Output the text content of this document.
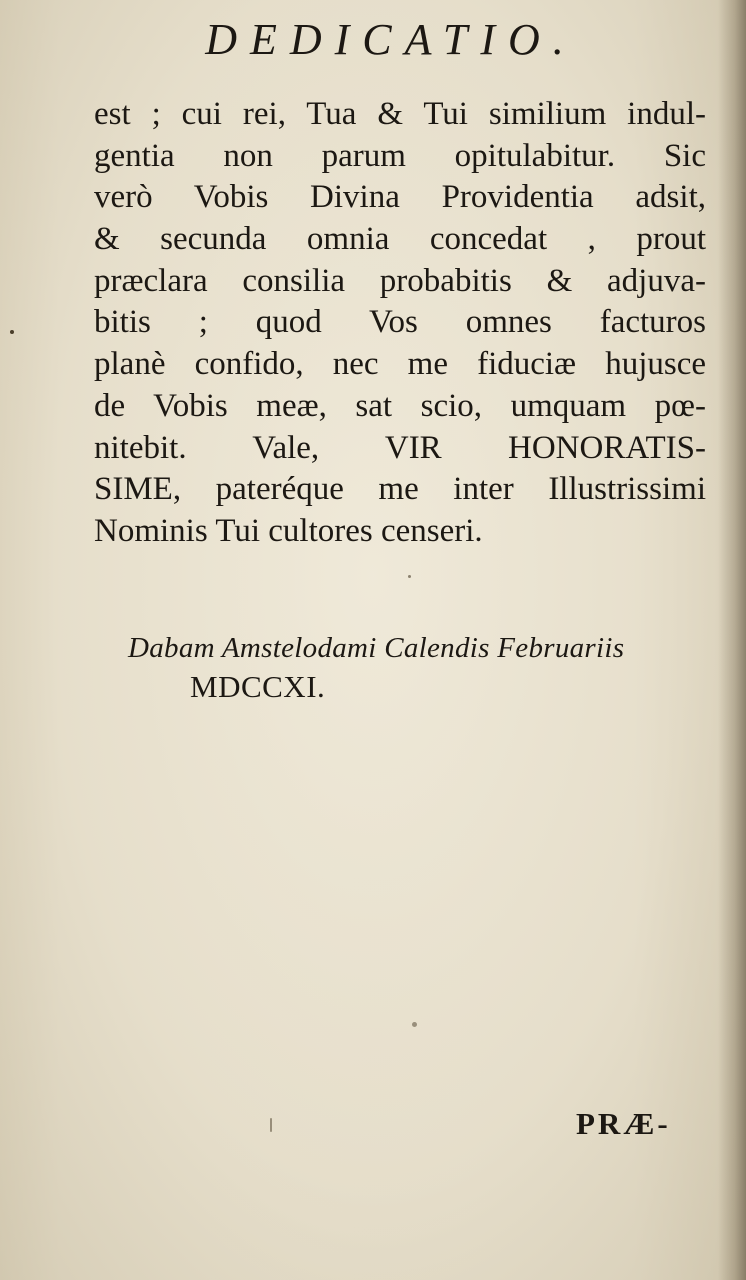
DEDICATIO.
est ; cui rei, Tua & Tui similium indul-
gentia non parum opitulabitur. Sic
verò Vobis Divina Providentia adsit,
& secunda omnia concedat , prout
præclara consilia probabitis & adjuva-
bitis ; quod Vos omnes facturos
planè confido, nec me fiduciæ hujusce
de Vobis meæ, sat scio, umquam pœ-
nitebit. Vale, VIR HONORATIS-
SIME, pateréque me inter Illustrissimi
Nominis Tui cultores censeri.
Dabam Amstelodami Calendis Februariis
MDCCXI.
PRÆ-
